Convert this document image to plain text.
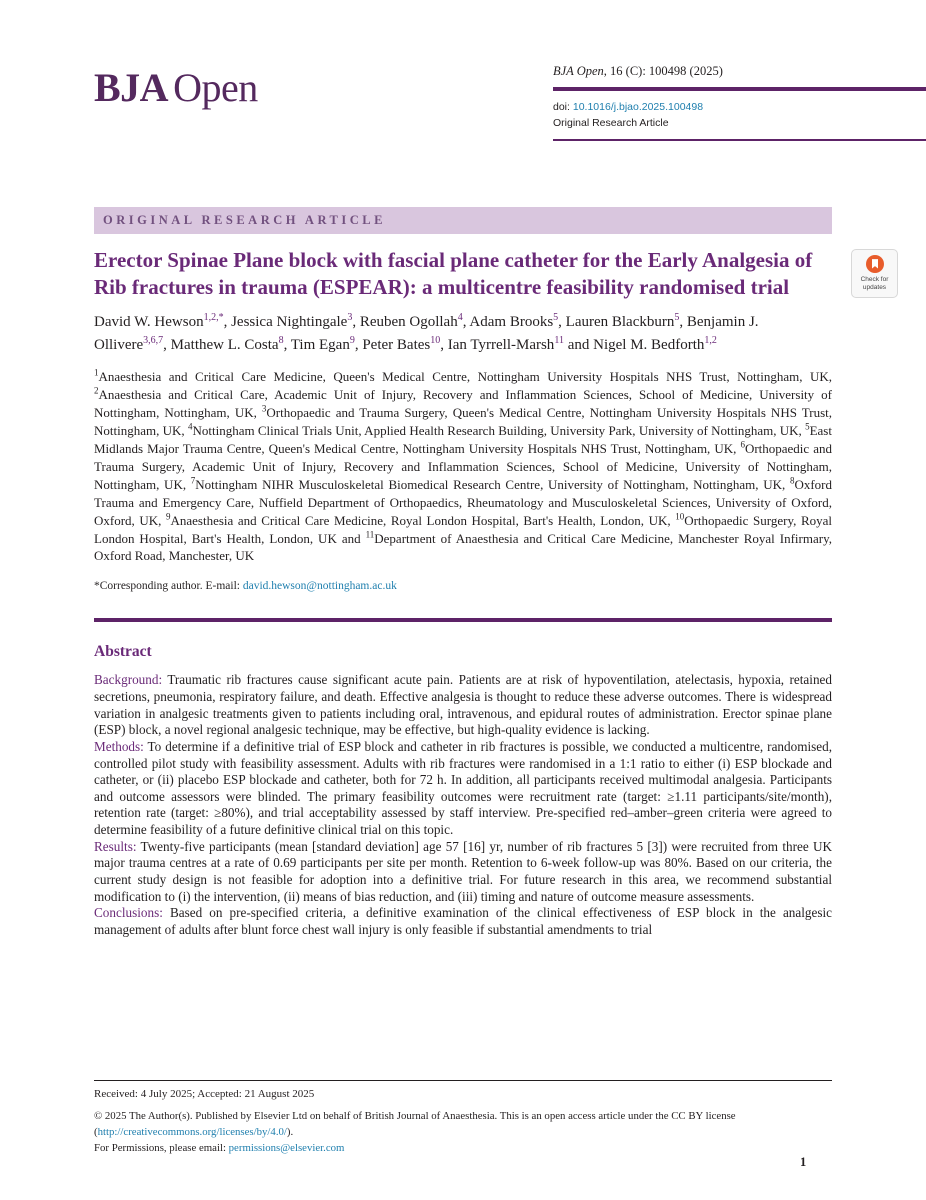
BJA Open	BJA Open, 16 (C): 100498 (2025)
doi: 10.1016/j.bjao.2025.100498
Original Research Article
Check for
updates
ORIGINAL RESEARCH ARTICLE
Erector Spinae Plane block with fascial plane catheter for the Early Analgesia of Rib fractures in trauma (ESPEAR): a multicentre feasibility randomised trial

David W. Hewson$^{1,2,*}$, Jessica Nightingale$^3$, Reuben Ogollah$^4$, Adam Brooks$^5$, Lauren Blackburn$^5$, Benjamin J. Ollivere$^{3,6,7}$, Matthew L. Costa$^8$, Tim Egan$^9$, Peter Bates$^{10}$, Ian Tyrrell-Marsh$^{11}$ and Nigel M. Bedforth$^{1,2}$

$^1$Anaesthesia and Critical Care Medicine, Queen's Medical Centre, Nottingham University Hospitals NHS Trust, Nottingham, UK, $^2$Anaesthesia and Critical Care, Academic Unit of Injury, Recovery and Inflammation Sciences, School of Medicine, University of Nottingham, Nottingham, UK, $^3$Orthopaedic and Trauma Surgery, Queen's Medical Centre, Nottingham University Hospitals NHS Trust, Nottingham, UK, $^4$Nottingham Clinical Trials Unit, Applied Health Research Building, University Park, University of Nottingham, UK, $^5$East Midlands Major Trauma Centre, Queen's Medical Centre, Nottingham University Hospitals NHS Trust, Nottingham, UK, $^6$Orthopaedic and Trauma Surgery, Academic Unit of Injury, Recovery and Inflammation Sciences, School of Medicine, University of Nottingham, Nottingham, UK, $^7$Nottingham NIHR Musculoskeletal Biomedical Research Centre, University of Nottingham, Nottingham, UK, $^8$Oxford Trauma and Emergency Care, Nuffield Department of Orthopaedics, Rheumatology and Musculoskeletal Sciences, University of Oxford, Oxford, UK, $^9$Anaesthesia and Critical Care Medicine, Royal London Hospital, Bart's Health, London, UK, $^{10}$Orthopaedic Surgery, Royal London Hospital, Bart's Health, London, UK and $^{11}$Department of Anaesthesia and Critical Care Medicine, Manchester Royal Infirmary, Oxford Road, Manchester, UK

*Corresponding author. E-mail: david.hewson@nottingham.ac.uk

Abstract

Background: Traumatic rib fractures cause significant acute pain. Patients are at risk of hypoventilation, atelectasis, hypoxia, retained secretions, pneumonia, respiratory failure, and death. Effective analgesia is thought to reduce these adverse outcomes. There is widespread variation in analgesic treatments given to patients including oral, intravenous, and epidural routes of administration. Erector spinae plane (ESP) block, a novel regional analgesic technique, may be effective, but high-quality evidence is lacking.

Methods: To determine if a definitive trial of ESP block and catheter in rib fractures is possible, we conducted a multicentre, randomised, controlled pilot study with feasibility assessment. Adults with rib fractures were randomised in a 1:1 ratio to either (i) ESP blockade and catheter, or (ii) placebo ESP blockade and catheter, both for 72 h. In addition, all participants received multimodal analgesia. Participants and outcome assessors were blinded. The primary feasibility outcomes were recruitment rate (target: ≥1.11 participants/site/month), retention rate (target: ≥80%), and trial acceptability assessed by staff interview. Pre-specified red–amber–green criteria were agreed to determine feasibility of a future definitive clinical trial on this topic.

Results: Twenty-five participants (mean [standard deviation] age 57 [16] yr, number of rib fractures 5 [3]) were recruited from three UK major trauma centres at a rate of 0.69 participants per site per month. Retention to 6-week follow-up was 80%. Based on our criteria, the current study design is not feasible for adoption into a definitive trial. For future research in this area, we recommend substantial modification to (i) the intervention, (ii) means of bias reduction, and (iii) timing and nature of outcome measure assessments.

Conclusions: Based on pre-specified criteria, a definitive examination of the clinical effectiveness of ESP block in the analgesic management of adults after blunt force chest wall injury is only feasible if substantial amendments to trial

Received: 4 July 2025; Accepted: 21 August 2025

© 2025 The Author(s). Published by Elsevier Ltd on behalf of British Journal of Anaesthesia. This is an open access article under the CC BY license (http://creativecommons.org/licenses/by/4.0/).

For Permissions, please email: permissions@elsevier.com

1
